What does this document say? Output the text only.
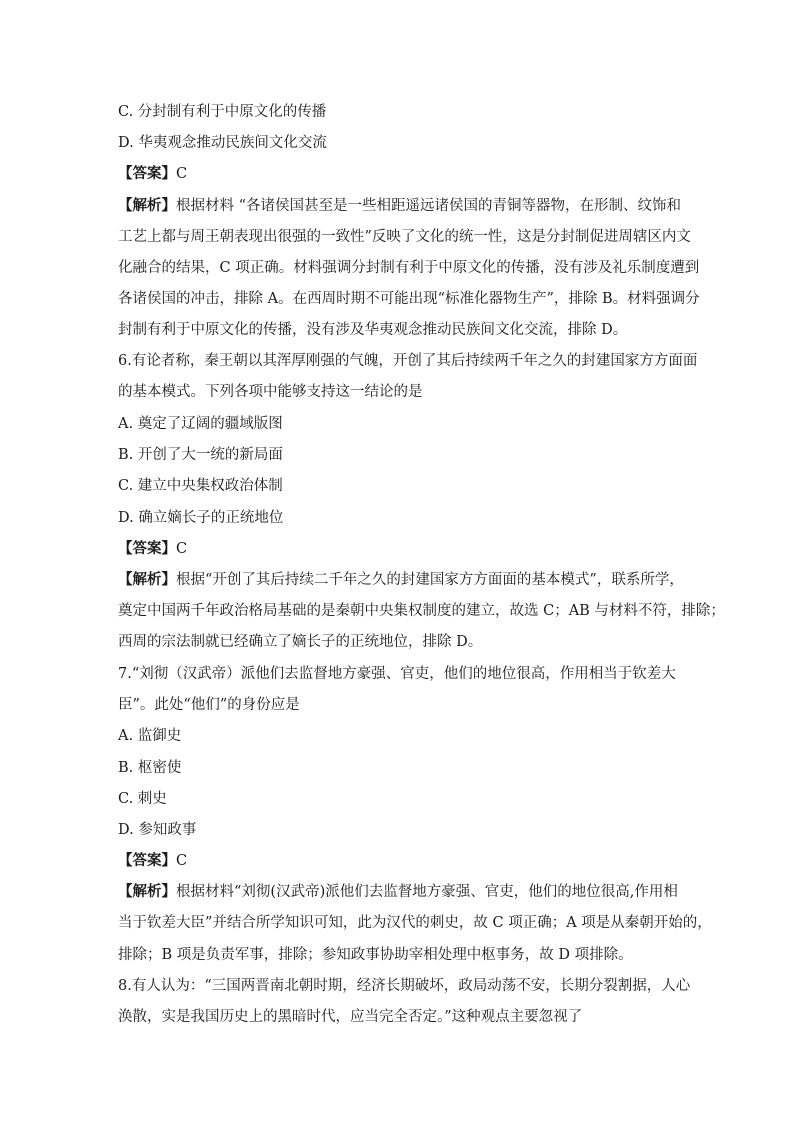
C. 分封制有利于中原文化的传播
D. 华夷观念推动民族间文化交流
【答案】C
【解析】根据材料 “各诸侯国甚至是一些相距遥远诸侯国的青铜等器物，在形制、纹饰和
工艺上都与周王朝表现出很强的一致性”反映了文化的统一性，这是分封制促进周辖区内文
化融合的结果，C 项正确。材料强调分封制有利于中原文化的传播，没有涉及礼乐制度遭到
各诸侯国的冲击，排除 A。在西周时期不可能出现“标准化器物生产”，排除 B。材料强调分
封制有利于中原文化的传播，没有涉及华夷观念推动民族间文化交流，排除 D。
6.有论者称，秦王朝以其浑厚刚强的气魄，开创了其后持续两千年之久的封建国家方方面面
的基本模式。下列各项中能够支持这一结论的是
A. 奠定了辽阔的疆域版图
B. 开创了大一统的新局面
C. 建立中央集权政治体制
D. 确立嫡长子的正统地位
【答案】C
【解析】根据“开创了其后持续二千年之久的封建国家方方面面的基本模式”，联系所学，
奠定中国两千年政治格局基础的是秦朝中央集权制度的建立，故选 C；AB 与材料不符，排除；
西周的宗法制就已经确立了嫡长子的正统地位，排除 D。
7.“刘彻（汉武帝）派他们去监督地方豪强、官吏，他们的地位很高，作用相当于钦差大
臣”。此处“他们”的身份应是
A. 监御史
B. 枢密使
C. 刺史
D. 参知政事
【答案】C
【解析】根据材料“刘彻(汉武帝)派他们去监督地方豪强、官吏，他们的地位很高,作用相
当于钦差大臣”并结合所学知识可知，此为汉代的刺史，故 C 项正确；A 项是从秦朝开始的，
排除；B 项是负责军事，排除；参知政事协助宰相处理中枢事务，故 D 项排除。
8.有人认为：“三国两晋南北朝时期，经济长期破坏，政局动荡不安，长期分裂割据，人心
涣散，实是我国历史上的黑暗时代，应当完全否定。”这种观点主要忽视了
